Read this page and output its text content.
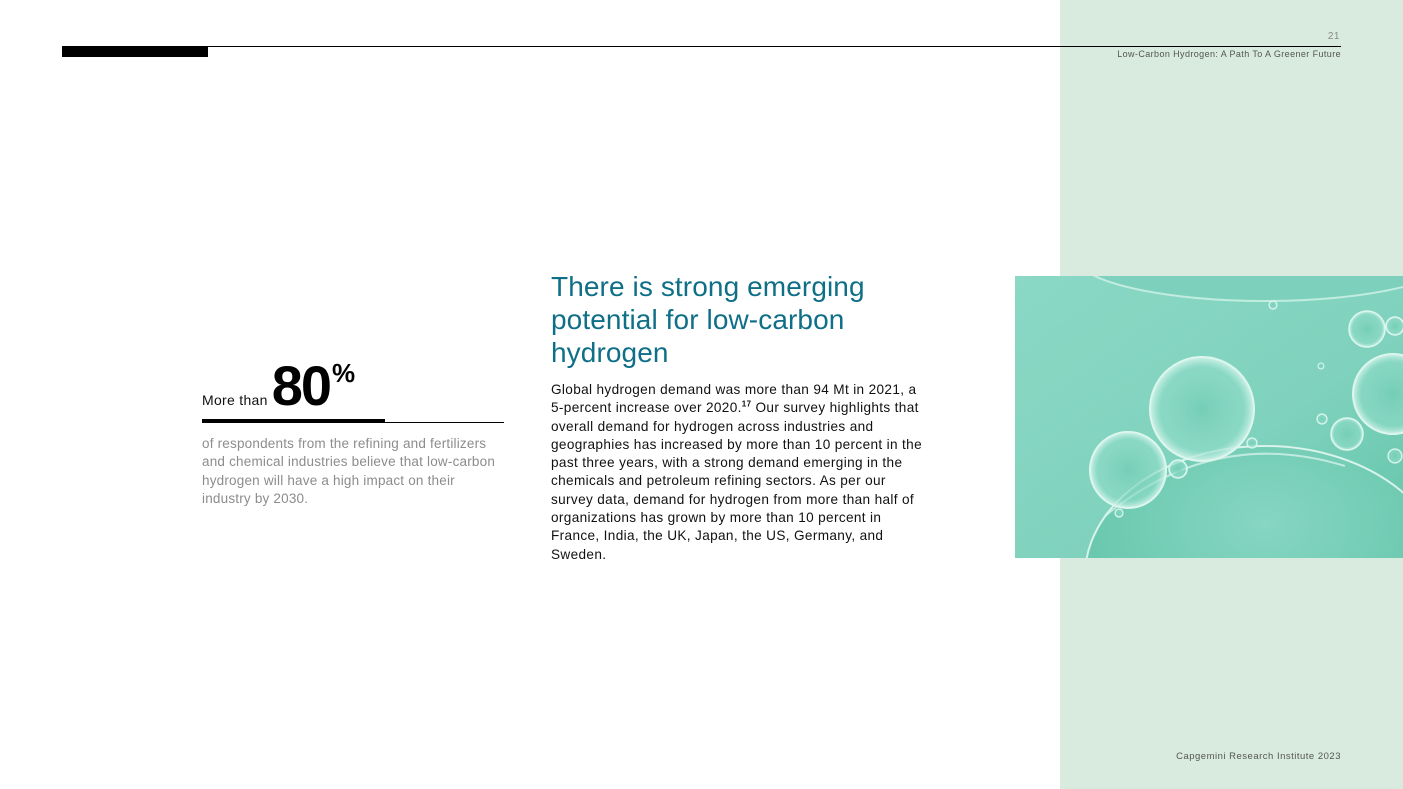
21
Low-Carbon Hydrogen: A Path To A Greener Future
More than 80 %

of respondents from the refining and fertilizers and chemical industries believe that low-carbon hydrogen will have a high impact on their industry by 2030.

There is strong emerging potential for low-carbon hydrogen

Global hydrogen demand was more than 94 Mt in 2021, a 5-percent increase over 2020.17 Our survey highlights that overall demand for hydrogen across industries and geographies has increased by more than 10 percent in the past three years, with a strong demand emerging in the chemicals and petroleum refining sectors. As per our survey data, demand for hydrogen from more than half of organizations has grown by more than 10 percent in France, India, the UK, Japan, the US, Germany, and Sweden.

Capgemini Research Institute 2023
